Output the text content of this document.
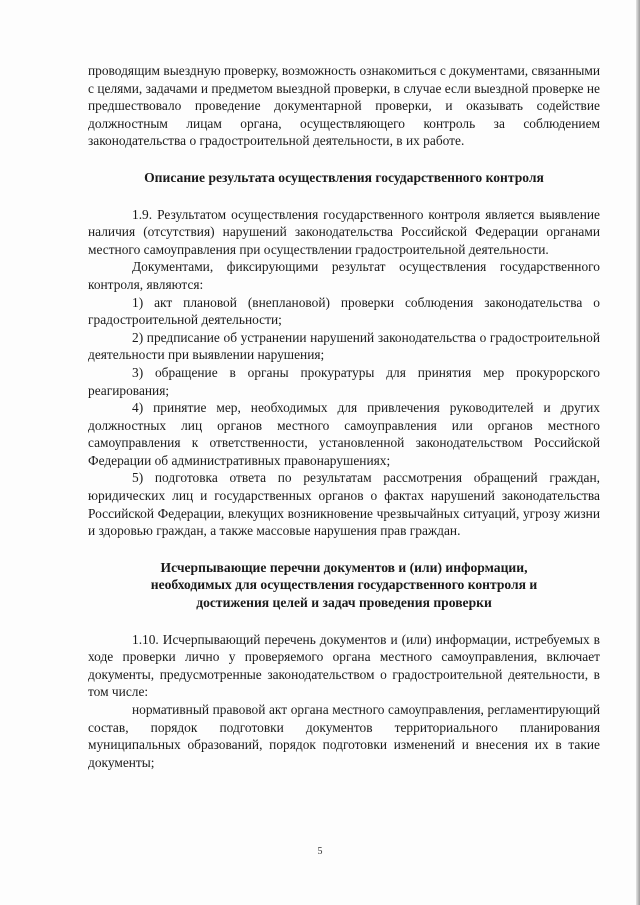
проводящим выездную проверку, возможность ознакомиться с документами, связанными с целями, задачами и предметом выездной проверки, в случае если выездной проверке не предшествовало проведение документарной проверки, и оказывать содействие должностным лицам органа, осуществляющего контроль за соблюдением законодательства о градостроительной деятельности, в их работе.

Описание результата осуществления государственного контроля

1.9. Результатом осуществления государственного контроля является выявление наличия (отсутствия) нарушений законодательства Российской Федерации органами местного самоуправления при осуществлении градостроительной деятельности.

Документами, фиксирующими результат осуществления государственного контроля, являются:

1) акт плановой (внеплановой) проверки соблюдения законодательства о градостроительной деятельности;

2) предписание об устранении нарушений законодательства о градостроительной деятельности при выявлении нарушения;

3) обращение в органы прокуратуры для принятия мер прокурорского реагирования;

4) принятие мер, необходимых для привлечения руководителей и других должностных лиц органов местного самоуправления или органов местного самоуправления к ответственности, установленной законодательством Российской Федерации об административных правонарушениях;

5) подготовка ответа по результатам рассмотрения обращений граждан, юридических лиц и государственных органов о фактах нарушений законодательства Российской Федерации, влекущих возникновение чрезвычайных ситуаций, угрозу жизни и здоровью граждан, а также массовые нарушения прав граждан.

Исчерпывающие перечни документов и (или) информации,

необходимых для осуществления государственного контроля и

достижения целей и задач проведения проверки

1.10. Исчерпывающий перечень документов и (или) информации, истребуемых в ходе проверки лично у проверяемого органа местного самоуправления, включает документы, предусмотренные законодательством о градостроительной деятельности, в том числе:

нормативный правовой акт органа местного самоуправления, регламентирующий состав, порядок подготовки документов территориального планирования муниципальных образований, порядок подготовки изменений и внесения их в такие документы;

5
